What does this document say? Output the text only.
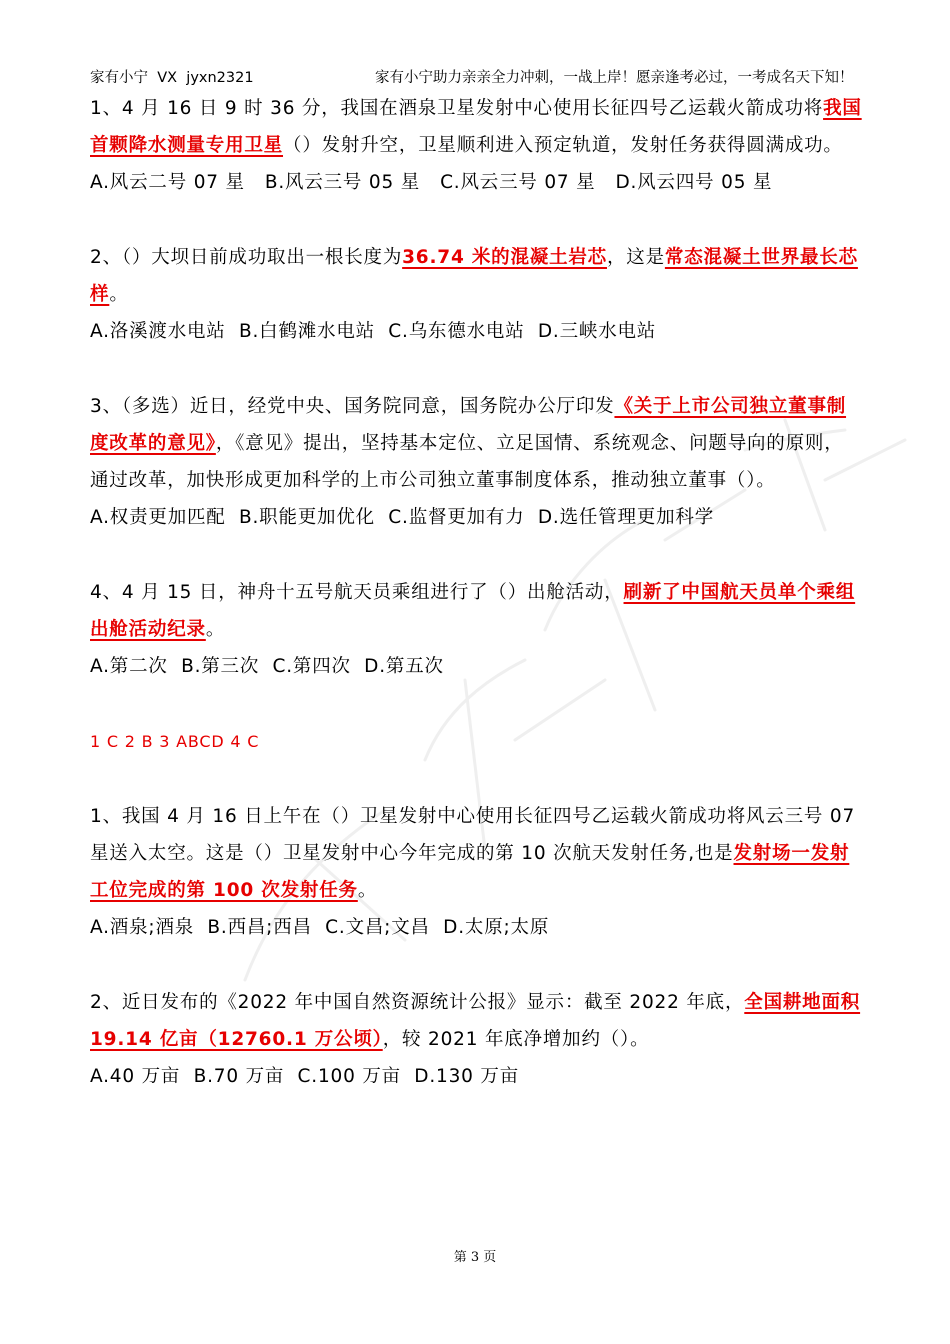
家有小宁  VX  jyxn2321	家有小宁助力亲亲全力冲刺，一战上岸！愿亲逢考必过，一考成名天下知！

1、4 月 16 日 9 时 36 分，我国在酒泉卫星发射中心使用长征四号乙运载火箭成功将我国首颗降水测量专用卫星（）发射升空，卫星顺利进入预定轨道，发射任务获得圆满成功。

A.风云二号 07 星   B.风云三号 05 星   C.风云三号 07 星   D.风云四号 05 星

2、（）大坝日前成功取出一根长度为36.74 米的混凝土岩芯，这是常态混凝土世界最长芯样。

A.洛溪渡水电站  B.白鹤滩水电站  C.乌东德水电站  D.三峡水电站

3、（多选）近日，经党中央、国务院同意，国务院办公厅印发《关于上市公司独立董事制度改革的意见》，《意见》提出，坚持基本定位、立足国情、系统观念、问题导向的原则，通过改革，加快形成更加科学的上市公司独立董事制度体系，推动独立董事（）。

A.权责更加匹配  B.职能更加优化  C.监督更加有力  D.选任管理更加科学

4、4 月 15 日，神舟十五号航天员乘组进行了（）出舱活动，刷新了中国航天员单个乘组出舱活动纪录。

A.第二次  B.第三次  C.第四次  D.第五次

1 C 2 B 3 ABCD 4 C

1、我国 4 月 16 日上午在（）卫星发射中心使用长征四号乙运载火箭成功将风云三号 07 星送入太空。这是（）卫星发射中心今年完成的第 10 次航天发射任务,也是发射场一发射工位完成的第 100 次发射任务。

A.酒泉;酒泉  B.西昌;西昌  C.文昌;文昌  D.太原;太原

2、近日发布的《2022 年中国自然资源统计公报》显示：截至 2022 年底，全国耕地面积 19.14 亿亩（12760.1 万公顷），较 2021 年底净增加约（）。

A.40 万亩  B.70 万亩  C.100 万亩  D.130 万亩

第 3 页
